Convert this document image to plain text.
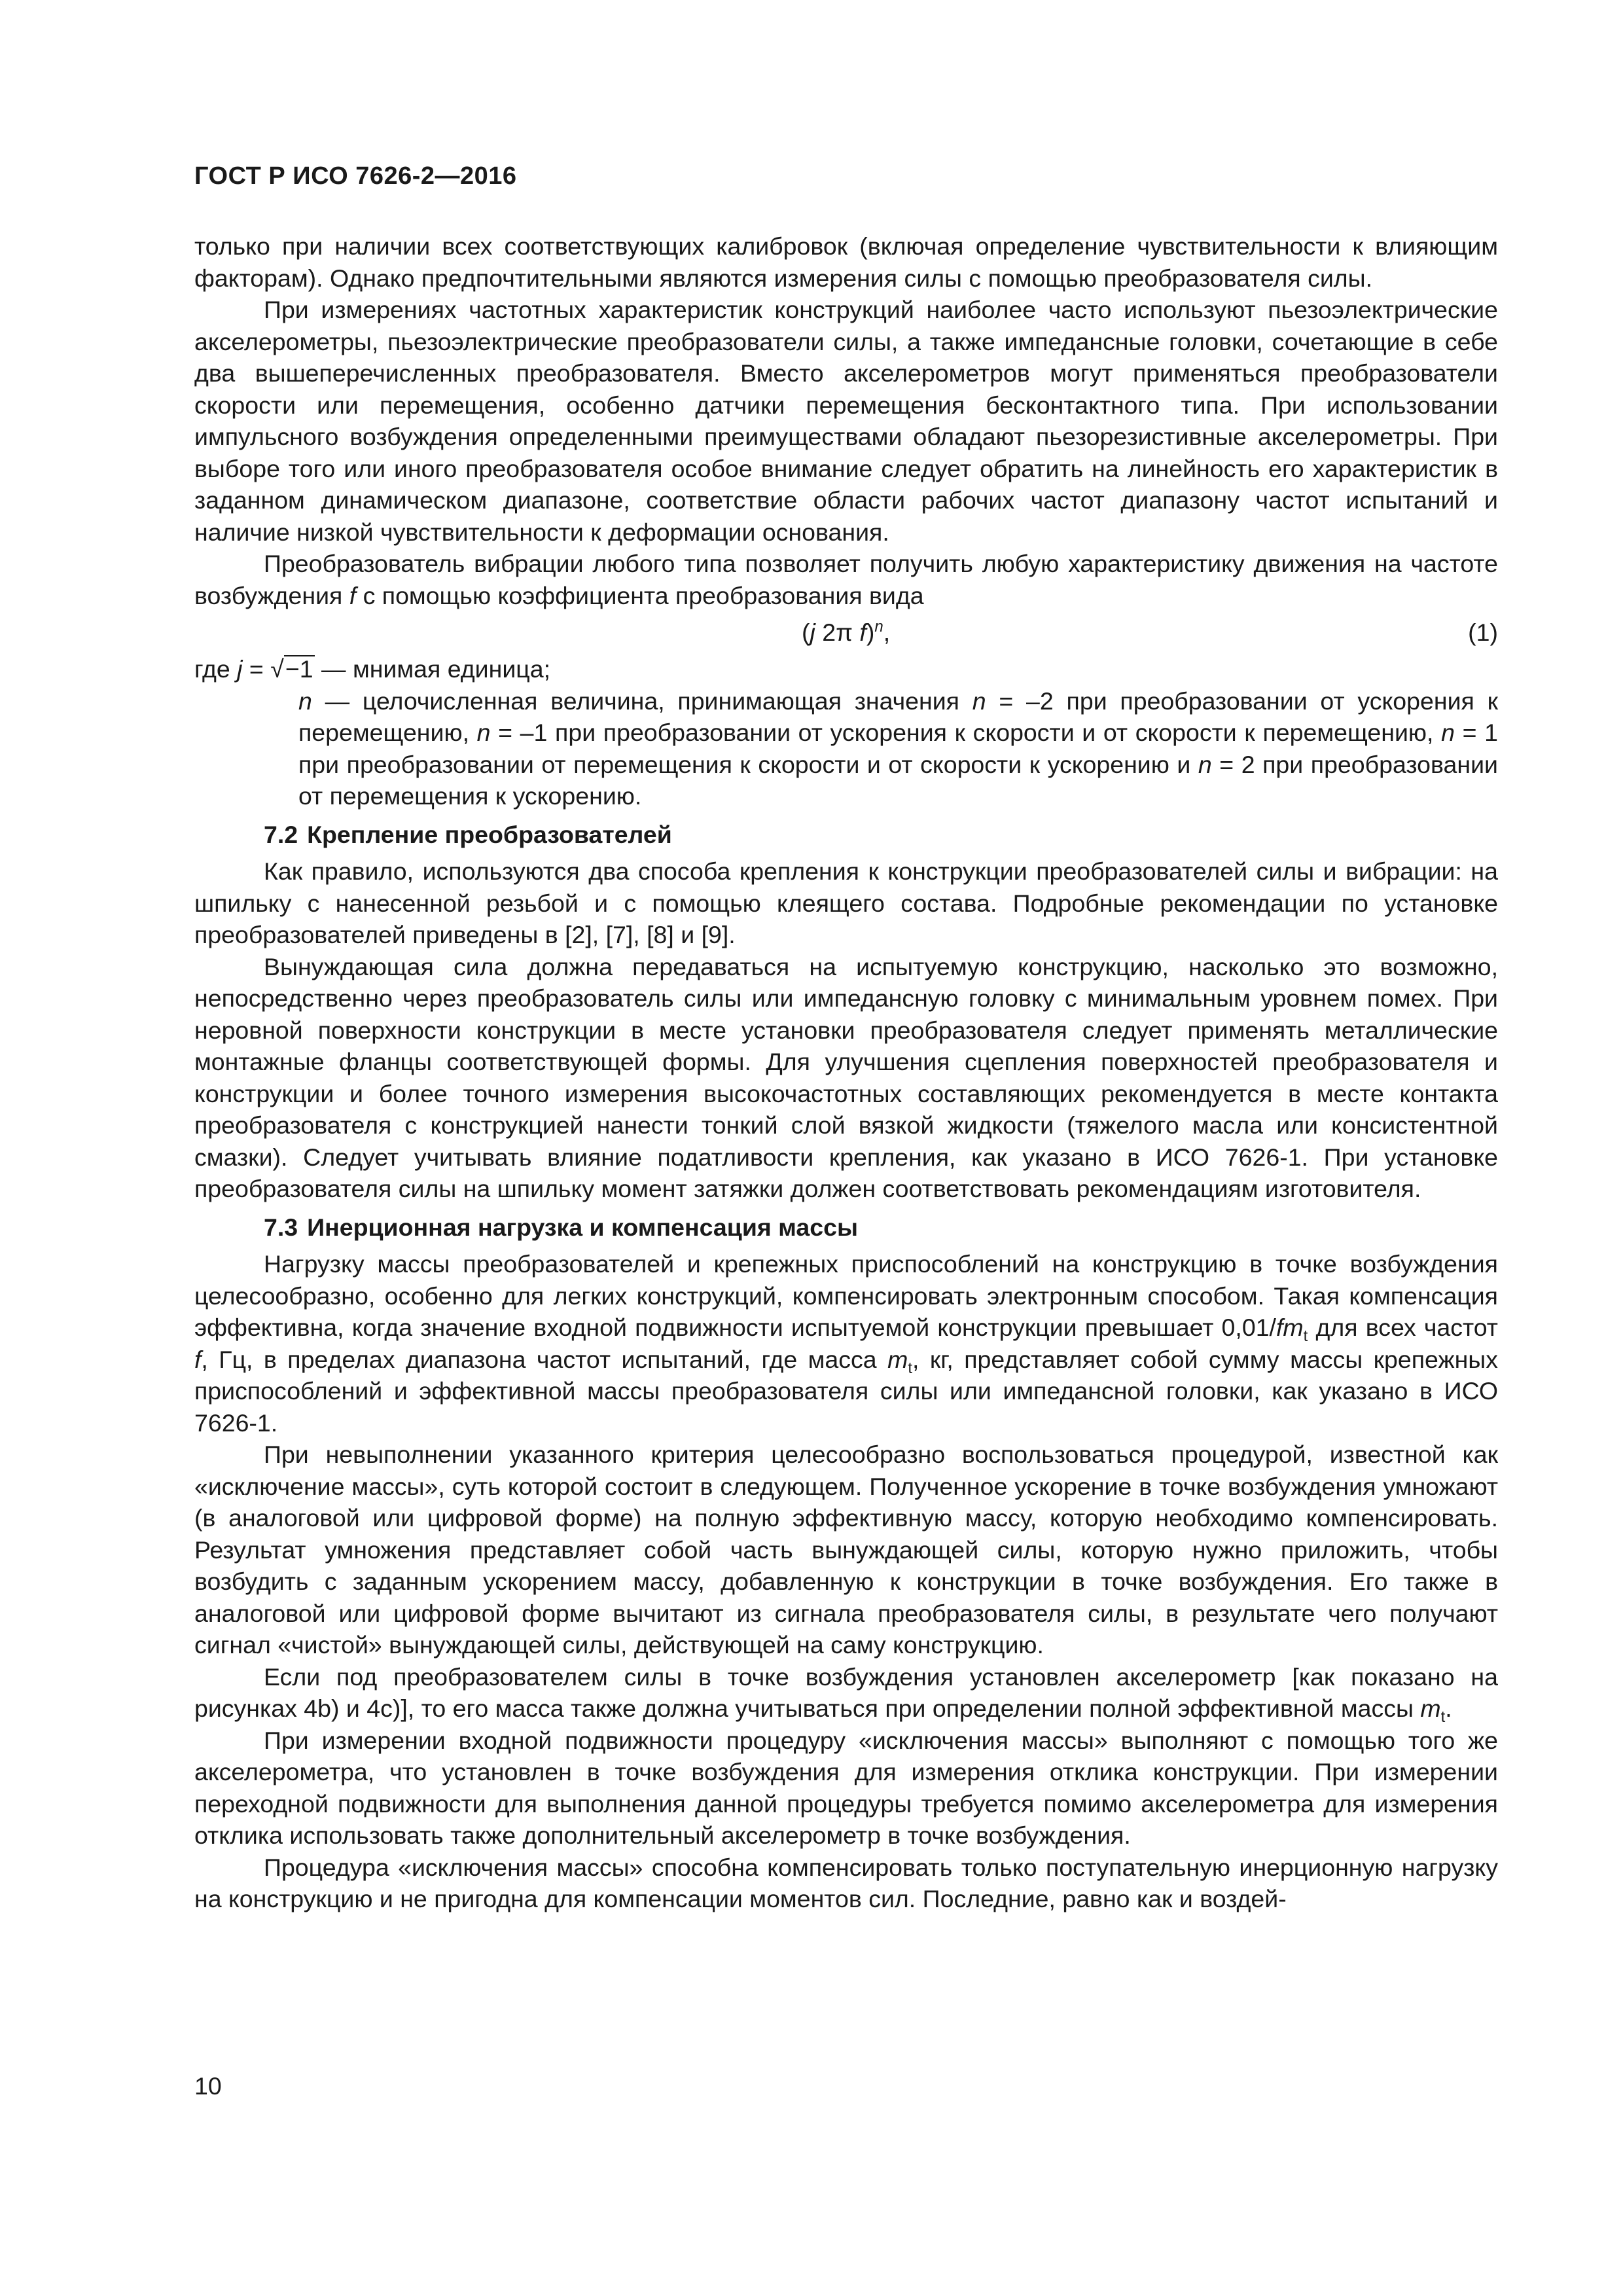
ГОСТ Р ИСО 7626-2—2016

только при наличии всех соответствующих калибровок (включая определение чувствительности к влияющим факторам). Однако предпочтительными являются измерения силы с помощью преобразователя силы.

При измерениях частотных характеристик конструкций наиболее часто используют пьезоэлектрические акселерометры, пьезоэлектрические преобразователи силы, а также импедансные головки, сочетающие в себе два вышеперечисленных преобразователя. Вместо акселерометров могут применяться преобразователи скорости или перемещения, особенно датчики перемещения бесконтактного типа. При использовании импульсного возбуждения определенными преимуществами обладают пьезорезистивные акселерометры. При выборе того или иного преобразователя особое внимание следует обратить на линейность его характеристик в заданном динамическом диапазоне, соответствие области рабочих частот диапазону частот испытаний и наличие низкой чувствительности к деформации основания.

Преобразователь вибрации любого типа позволяет получить любую характеристику движения на частоте возбуждения f с помощью коэффициента преобразования вида

(j 2π f)$^n$,	(1)

где j = √−1 — мнимая единица;

n — целочисленная величина, принимающая значения n = –2 при преобразовании от ускорения к перемещению, n = –1 при преобразовании от ускорения к скорости и от скорости к перемещению, n = 1 при преобразовании от перемещения к скорости и от скорости к ускорению и n = 2 при преобразовании от перемещения к ускорению.
7.2 Крепление преобразователей

Как правило, используются два способа крепления к конструкции преобразователей силы и вибрации: на шпильку с нанесенной резьбой и с помощью клеящего состава. Подробные рекомендации по установке преобразователей приведены в [2], [7], [8] и [9].

Вынуждающая сила должна передаваться на испытуемую конструкцию, насколько это возможно, непосредственно через преобразователь силы или импедансную головку с минимальным уровнем помех. При неровной поверхности конструкции в месте установки преобразователя следует применять металлические монтажные фланцы соответствующей формы. Для улучшения сцепления поверхностей преобразователя и конструкции и более точного измерения высокочастотных составляющих рекомендуется в месте контакта преобразователя с конструкцией нанести тонкий слой вязкой жидкости (тяжелого масла или консистентной смазки). Следует учитывать влияние податливости крепления, как указано в ИСО 7626-1. При установке преобразователя силы на шпильку момент затяжки должен соответствовать рекомендациям изготовителя.

7.3 Инерционная нагрузка и компенсация массы

Нагрузку массы преобразователей и крепежных приспособлений на конструкцию в точке возбуждения целесообразно, особенно для легких конструкций, компенсировать электронным способом. Такая компенсация эффективна, когда значение входной подвижности испытуемой конструкции превышает $0,01/fm_t$ для всех частот f, Гц, в пределах диапазона частот испытаний, где масса $m_t$, кг, представляет собой сумму массы крепежных приспособлений и эффективной массы преобразователя силы или импедансной головки, как указано в ИСО 7626-1.

При невыполнении указанного критерия целесообразно воспользоваться процедурой, известной как «исключение массы», суть которой состоит в следующем. Полученное ускорение в точке возбуждения умножают (в аналоговой или цифровой форме) на полную эффективную массу, которую необходимо компенсировать. Результат умножения представляет собой часть вынуждающей силы, которую нужно приложить, чтобы возбудить с заданным ускорением массу, добавленную к конструкции в точке возбуждения. Его также в аналоговой или цифровой форме вычитают из сигнала преобразователя силы, в результате чего получают сигнал «чистой» вынуждающей силы, действующей на саму конструкцию.

Если под преобразователем силы в точке возбуждения установлен акселерометр [как показано на рисунках 4b) и 4c)], то его масса также должна учитываться при определении полной эффективной массы $m_t$.

При измерении входной подвижности процедуру «исключения массы» выполняют с помощью того же акселерометра, что установлен в точке возбуждения для измерения отклика конструкции. При измерении переходной подвижности для выполнения данной процедуры требуется помимо акселерометра для измерения отклика использовать также дополнительный акселерометр в точке возбуждения.

Процедура «исключения массы» способна компенсировать только поступательную инерционную нагрузку на конструкцию и не пригодна для компенсации моментов сил. Последние, равно как и воздей-

10
